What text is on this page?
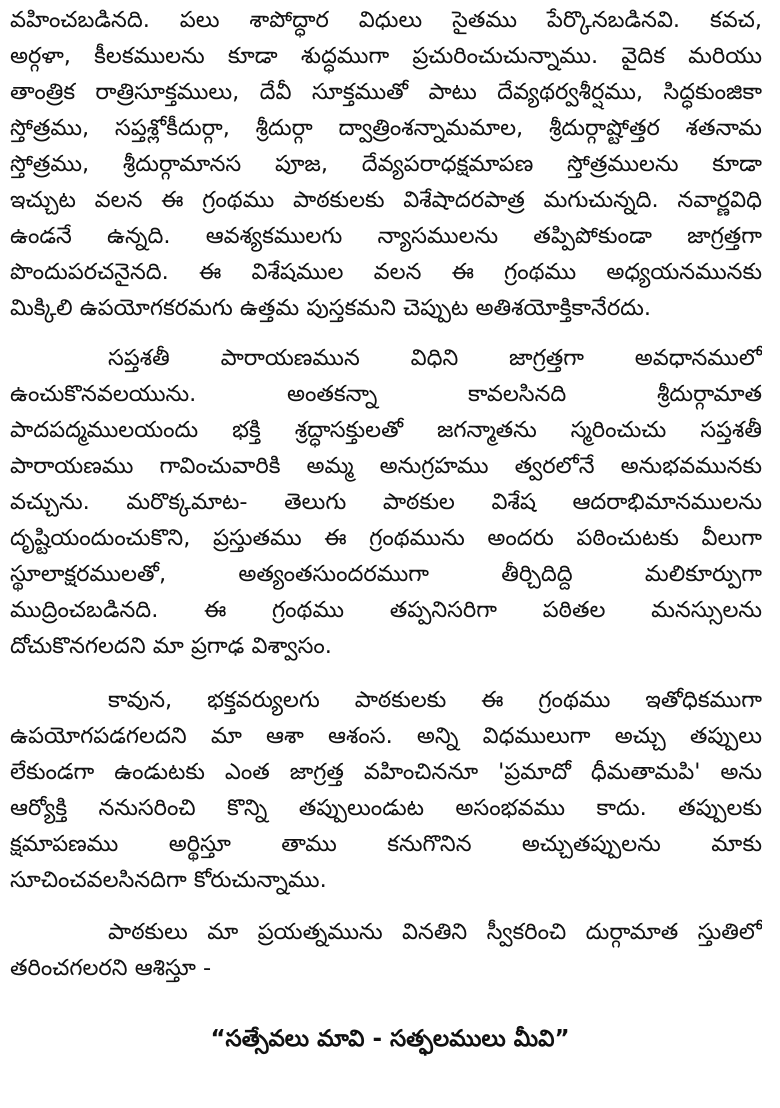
వహించబడినది. పలు శాపోద్ధార విధులు సైతము పేర్కొనబడినవి. కవచ,
అర్గళా, కీలకములను కూడా శుద్ధముగా ప్రచురించుచున్నాము. వైదిక మరియు
తాంత్రిక రాత్రిసూక్తములు, దేవీ సూక్తముతో పాటు దేవ్యథర్వశీర్షము, సిద్ధకుంజికా
స్తోత్రము, సప్తశ్లోకీదుర్గా, శ్రీదుర్గా ద్వాత్రింశన్నామమాల, శ్రీదుర్గాష్టోత్తర శతనామ
స్తోత్రము, శ్రీదుర్గామానస పూజ, దేవ్యపరాధక్షమాపణ స్తోత్రములను కూడా
ఇచ్చుట వలన ఈ గ్రంథము పాఠకులకు విశేషాదరపాత్ర మగుచున్నది. నవార్ణవిధి
ఉండనే ఉన్నది. ఆవశ్యకములగు న్యాసములను తప్పిపోకుండా జాగ్రత్తగా
పొందుపరచనైనది. ఈ విశేషముల వలన ఈ గ్రంథము అధ్యయనమునకు
మిక్కిలి ఉపయోగకరమగు ఉత్తమ పుస్తకమని చెప్పుట అతిశయోక్తికానేరదు.
సప్తశతీ పారాయణమున విధిని జాగ్రత్తగా అవధానములో
ఉంచుకొనవలయును. అంతకన్నా కావలసినది శ్రీదుర్గామాత
పాదపద్మములయందు భక్తి శ్రద్ధాసక్తులతో జగన్మాతను స్మరించుచు సప్తశతీ
పారాయణము గావించువారికి అమ్మ అనుగ్రహము త్వరలోనే అనుభవమునకు
వచ్చును. మరొక్కమాట- తెలుగు పాఠకుల విశేష ఆదరాభిమానములను
దృష్టియందుంచుకొని, ప్రస్తుతము ఈ గ్రంథమును అందరు పఠించుటకు వీలుగా
స్థూలాక్షరములతో, అత్యంతసుందరముగా తీర్చిదిద్ది మలికూర్పుగా
ముద్రించబడినది. ఈ గ్రంథము తప్పనిసరిగా పఠితల మనస్సులను
దోచుకొనగలదని మా ప్రగాఢ విశ్వాసం.
కావున, భక్తవర్యులగు పాఠకులకు ఈ గ్రంథము ఇతోధికముగా
ఉపయోగపడగలదని మా ఆశా ఆశంస. అన్ని విధములుగా అచ్చు తప్పులు
లేకుండగా ఉండుటకు ఎంత జాగ్రత్త వహించిననూ 'ప్రమాదో ధీమతామపి' అను
ఆర్యోక్తి ననుసరించి కొన్ని తప్పులుండుట అసంభవము కాదు. తప్పులకు
క్షమాపణము అర్థిస్తూ తాము కనుగొనిన అచ్చుతప్పులను మాకు
సూచించవలసినదిగా కోరుచున్నాము.
పాఠకులు మా ప్రయత్నమును వినతిని స్వీకరించి దుర్గామాత స్తుతిలో
తరించగలరని ఆశిస్తూ -
“సత్సేవలు మావి - సత్ఫలములు మీవి”
